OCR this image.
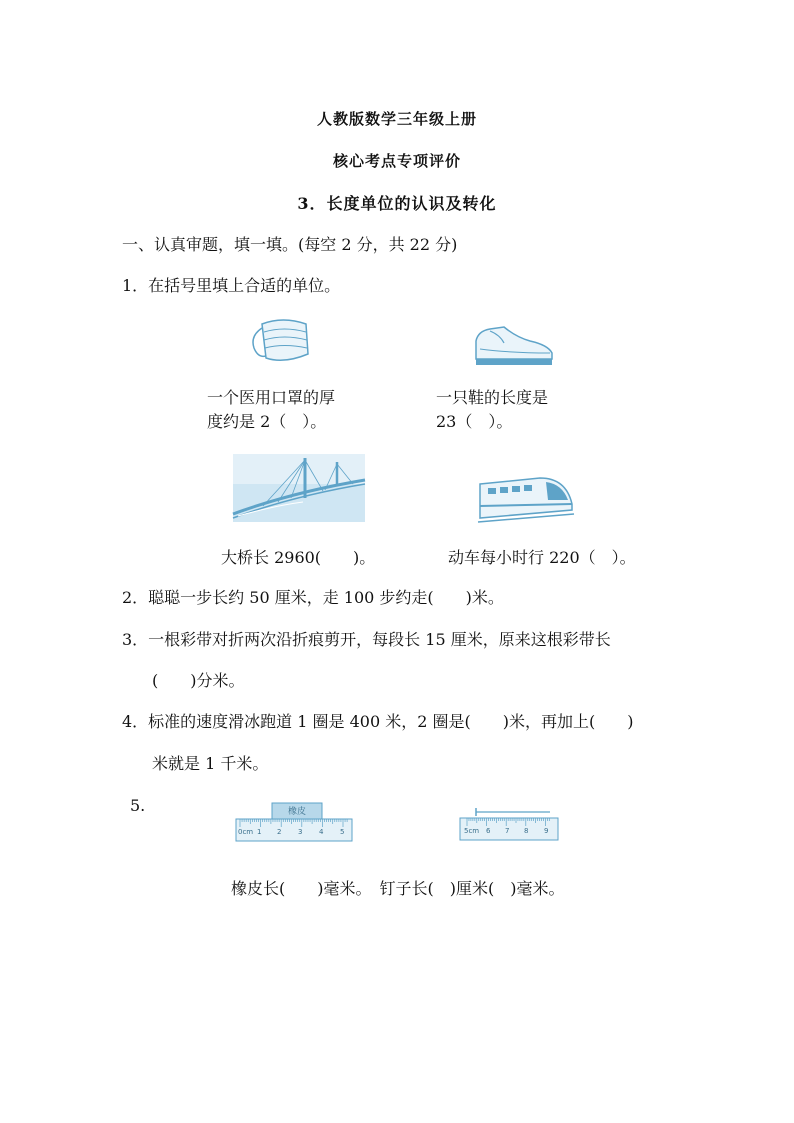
人教版数学三年级上册
核心考点专项评价
3．长度单位的认识及转化
一、认真审题，填一填。(每空 2 分，共 22 分)
1．在括号里填上合适的单位。
一个医用口罩的厚
度约是 2（　）。
一只鞋的长度是
23（　）。
大桥长 2960(　　)。	动车每小时行 220（　）。
2．聪聪一步长约 50 厘米，走 100 步约走(　　)米。
3．一根彩带对折两次沿折痕剪开，每段长 15 厘米，原来这根彩带长
(　　)分米。
4．标准的速度滑冰跑道 1 圈是 400 米，2 圈是(　　)米，再加上(　　)
米就是 1 千米。
5.	橡皮
0cm 1 2 3 4 5	5cm 6 7 8 9
橡皮长(　　)毫米。　钉子长(　)厘米(　)毫米。
